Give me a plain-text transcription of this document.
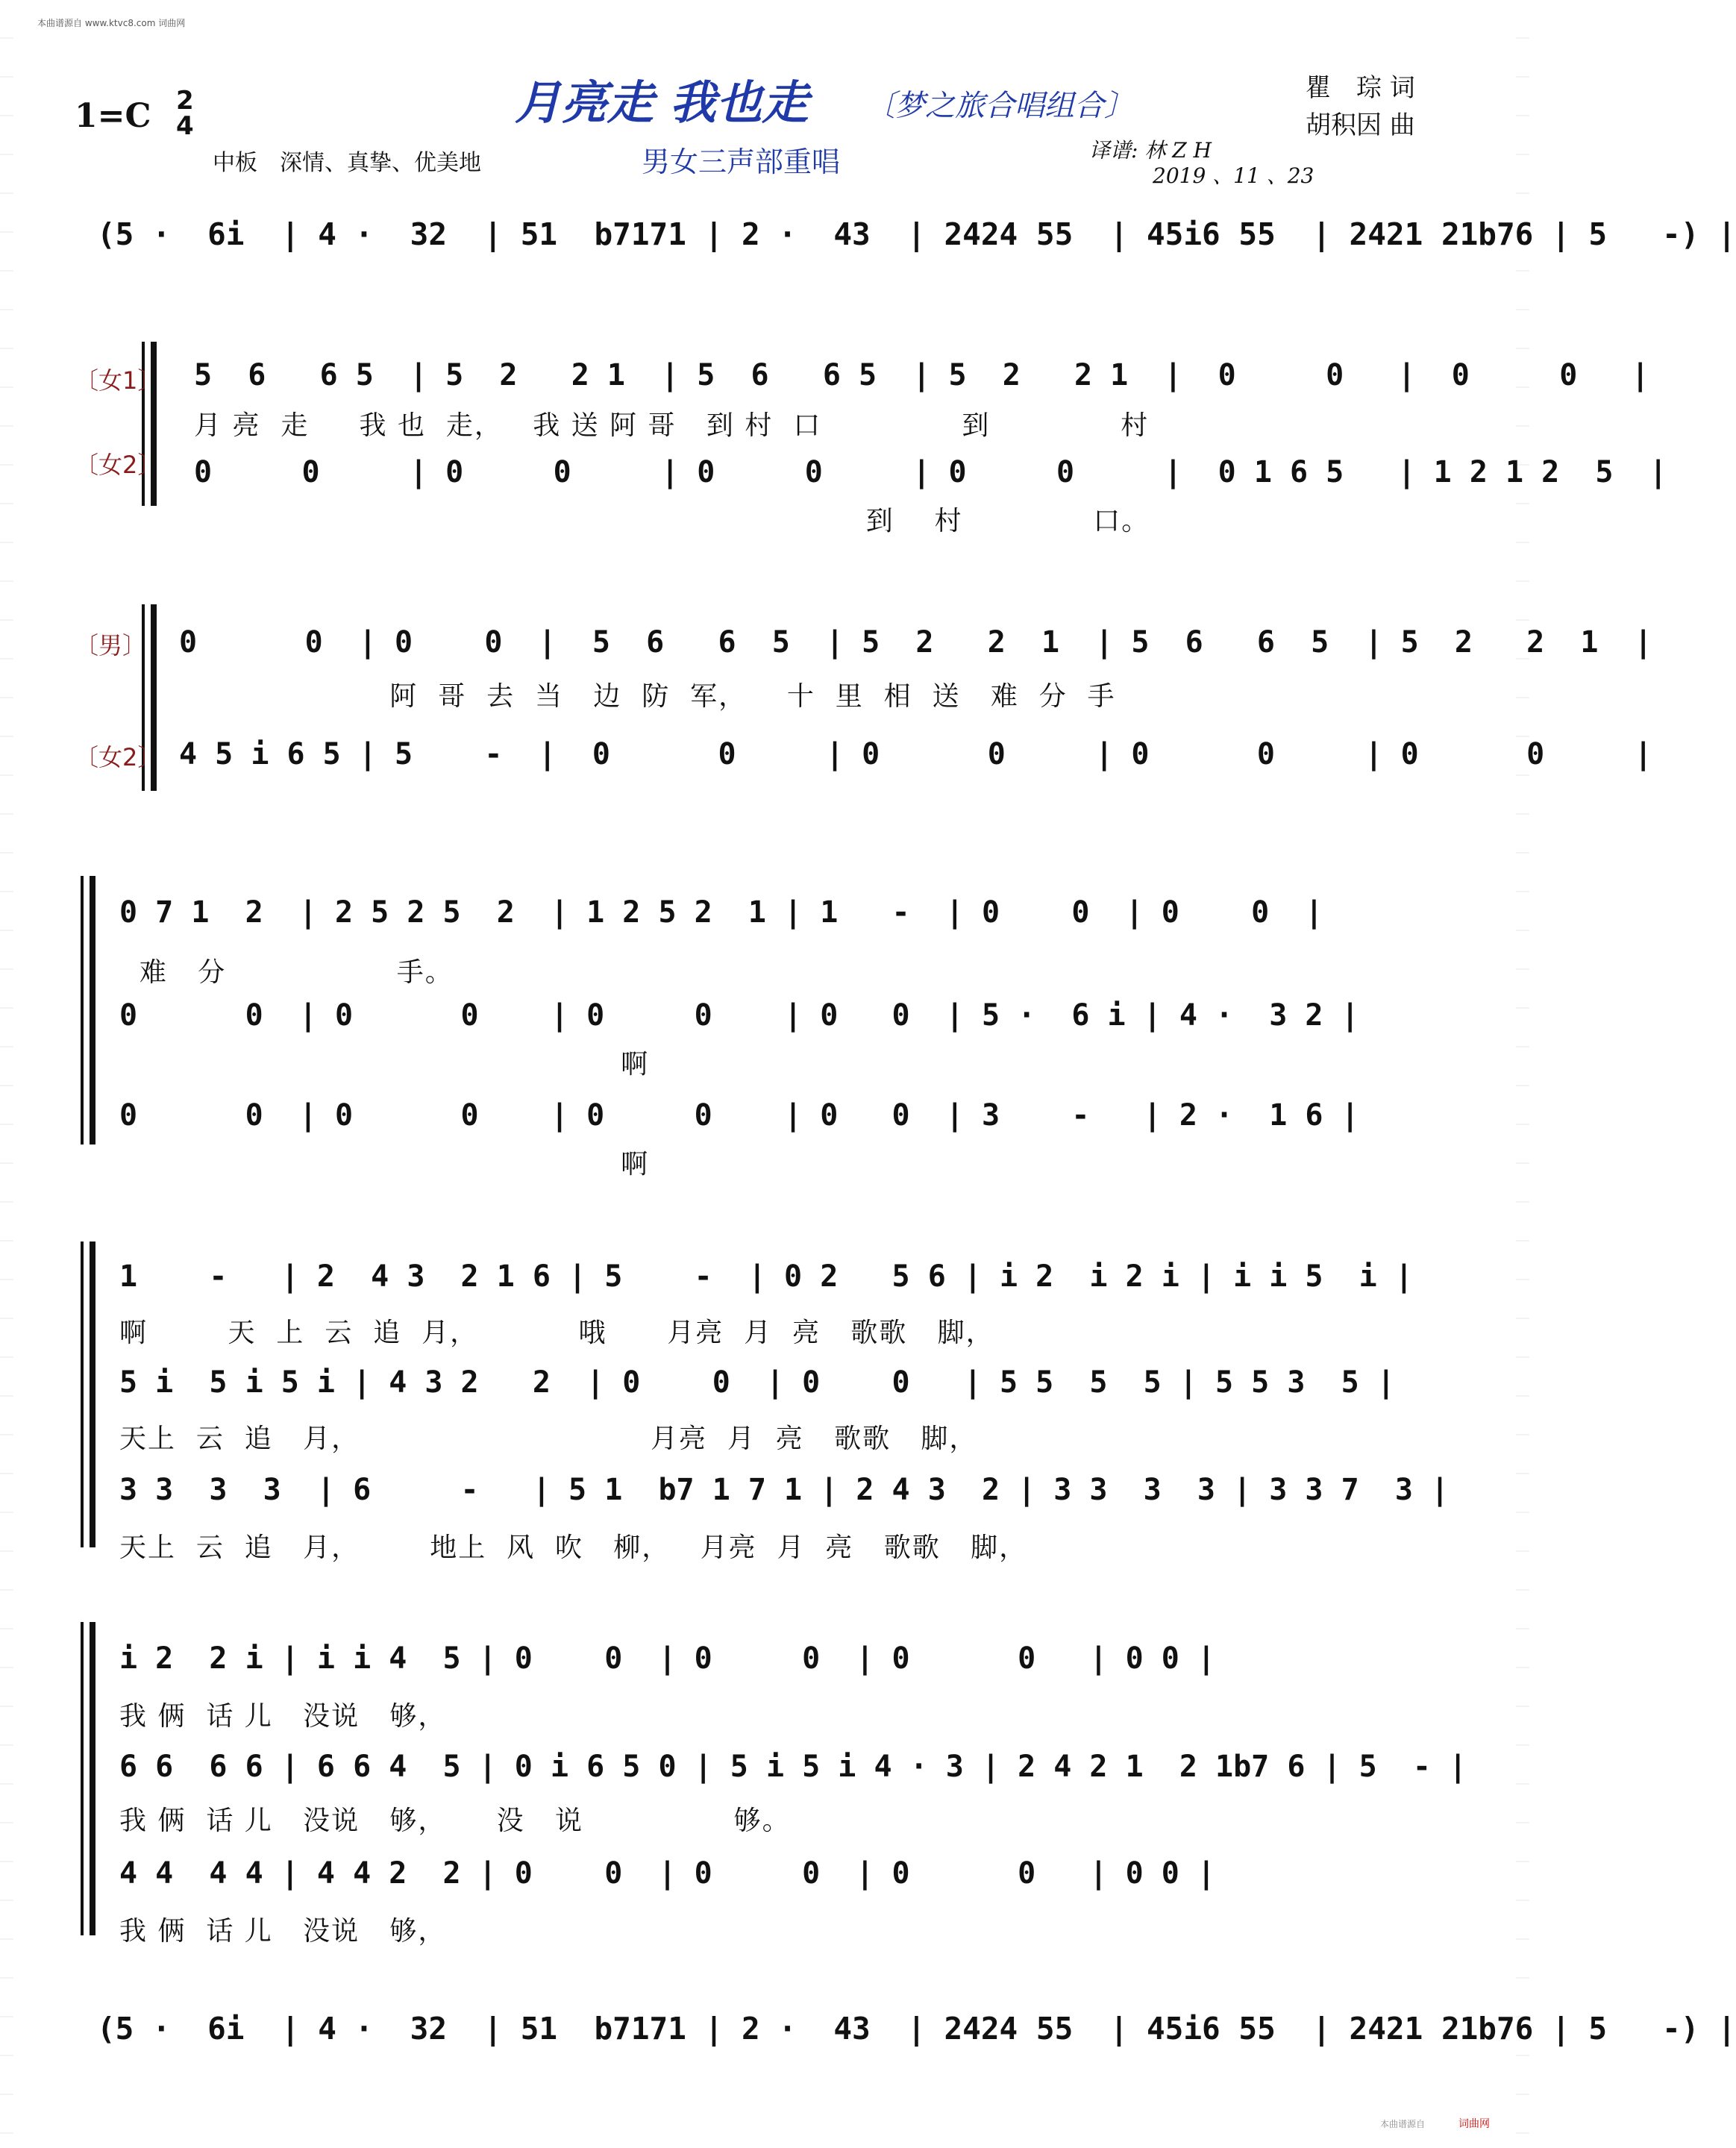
本曲谱源自 www.ktvc8.com 词曲网
1=C 2
4
中板　深情、真挚、优美地
月亮走 我也走 〔梦之旅合唱组合〕
男女三声部重唱
瞿　琮 词
胡积因 曲
译谱: 林 Z H
2019 、11 、23
(5 ·  6i  | 4 ·  32  | 51  b7171 | 2 ·  43  | 2424 55  | 45i6 55  | 2421 21b76 | 5   -) |
〔女1〕
〔女2〕
5  6   6 5  | 5  2   2 1  | 5  6   6 5  | 5  2   2 1  |  0     0   |  0     0   |
月 亮  走     我 也  走，   我 送 阿 哥   到 村  口              到             村
0     0     | 0     0     | 0     0     | 0     0     |  0 1 6 5   | 1 2 1 2  5  |
到    村             口。
〔男〕
〔女2〕
0      0  | 0    0  |  5  6   6  5  | 5  2   2  1  | 5  6   6  5  | 5  2   2  1  |
阿  哥  去  当   边  防  军，    十  里  相  送   难  分  手
4 5 i 6 5 | 5    -  |  0      0     | 0      0     | 0      0     | 0      0     |
0 7 1  2  | 2 5 2 5  2  | 1 2 5 2  1 | 1   -  | 0    0  | 0    0  |
难   分                 手。
0      0  | 0      0    | 0     0    | 0   0  | 5 ·  6 i | 4 ·  3 2 |
啊
0      0  | 0      0    | 0     0    | 0   0  | 3    -   | 2 ·  1 6 |
啊
1    -   | 2  4 3  2 1 6 | 5    -  | 0 2   5 6 | i 2  i 2 i | i i 5  i |
啊        天  上  云  追  月，          哦      月亮  月  亮   歌歌   脚，
5 i  5 i 5 i | 4 3 2   2  | 0    0  | 0    0   | 5 5  5  5 | 5 5 3  5 |
天上  云  追   月，                             月亮  月  亮   歌歌   脚，
3 3  3  3  | 6     -   | 5 1  b7 1 7 1 | 2 4 3  2 | 3 3  3  3 | 3 3 7  3 |
天上  云  追   月，       地上  风  吹   柳，   月亮  月  亮   歌歌   脚，
i 2  2 i | i i 4  5 | 0    0  | 0     0  | 0      0   | 0 0 |
我 俩  话 儿   没说   够，
6 6  6 6 | 6 6 4  5 | 0 i 6 5 0 | 5 i 5 i 4 · 3 | 2 4 2 1  2 1b7 6 | 5  - |
我 俩  话 儿   没说   够，     没   说               够。
4 4  4 4 | 4 4 2  2 | 0    0  | 0     0  | 0      0   | 0 0 |
我 俩  话 儿   没说   够，
(5 ·  6i  | 4 ·  32  | 51  b7171 | 2 ·  43  | 2424 55  | 45i6 55  | 2421 21b76 | 5   -) |
本曲谱源自	词曲网
